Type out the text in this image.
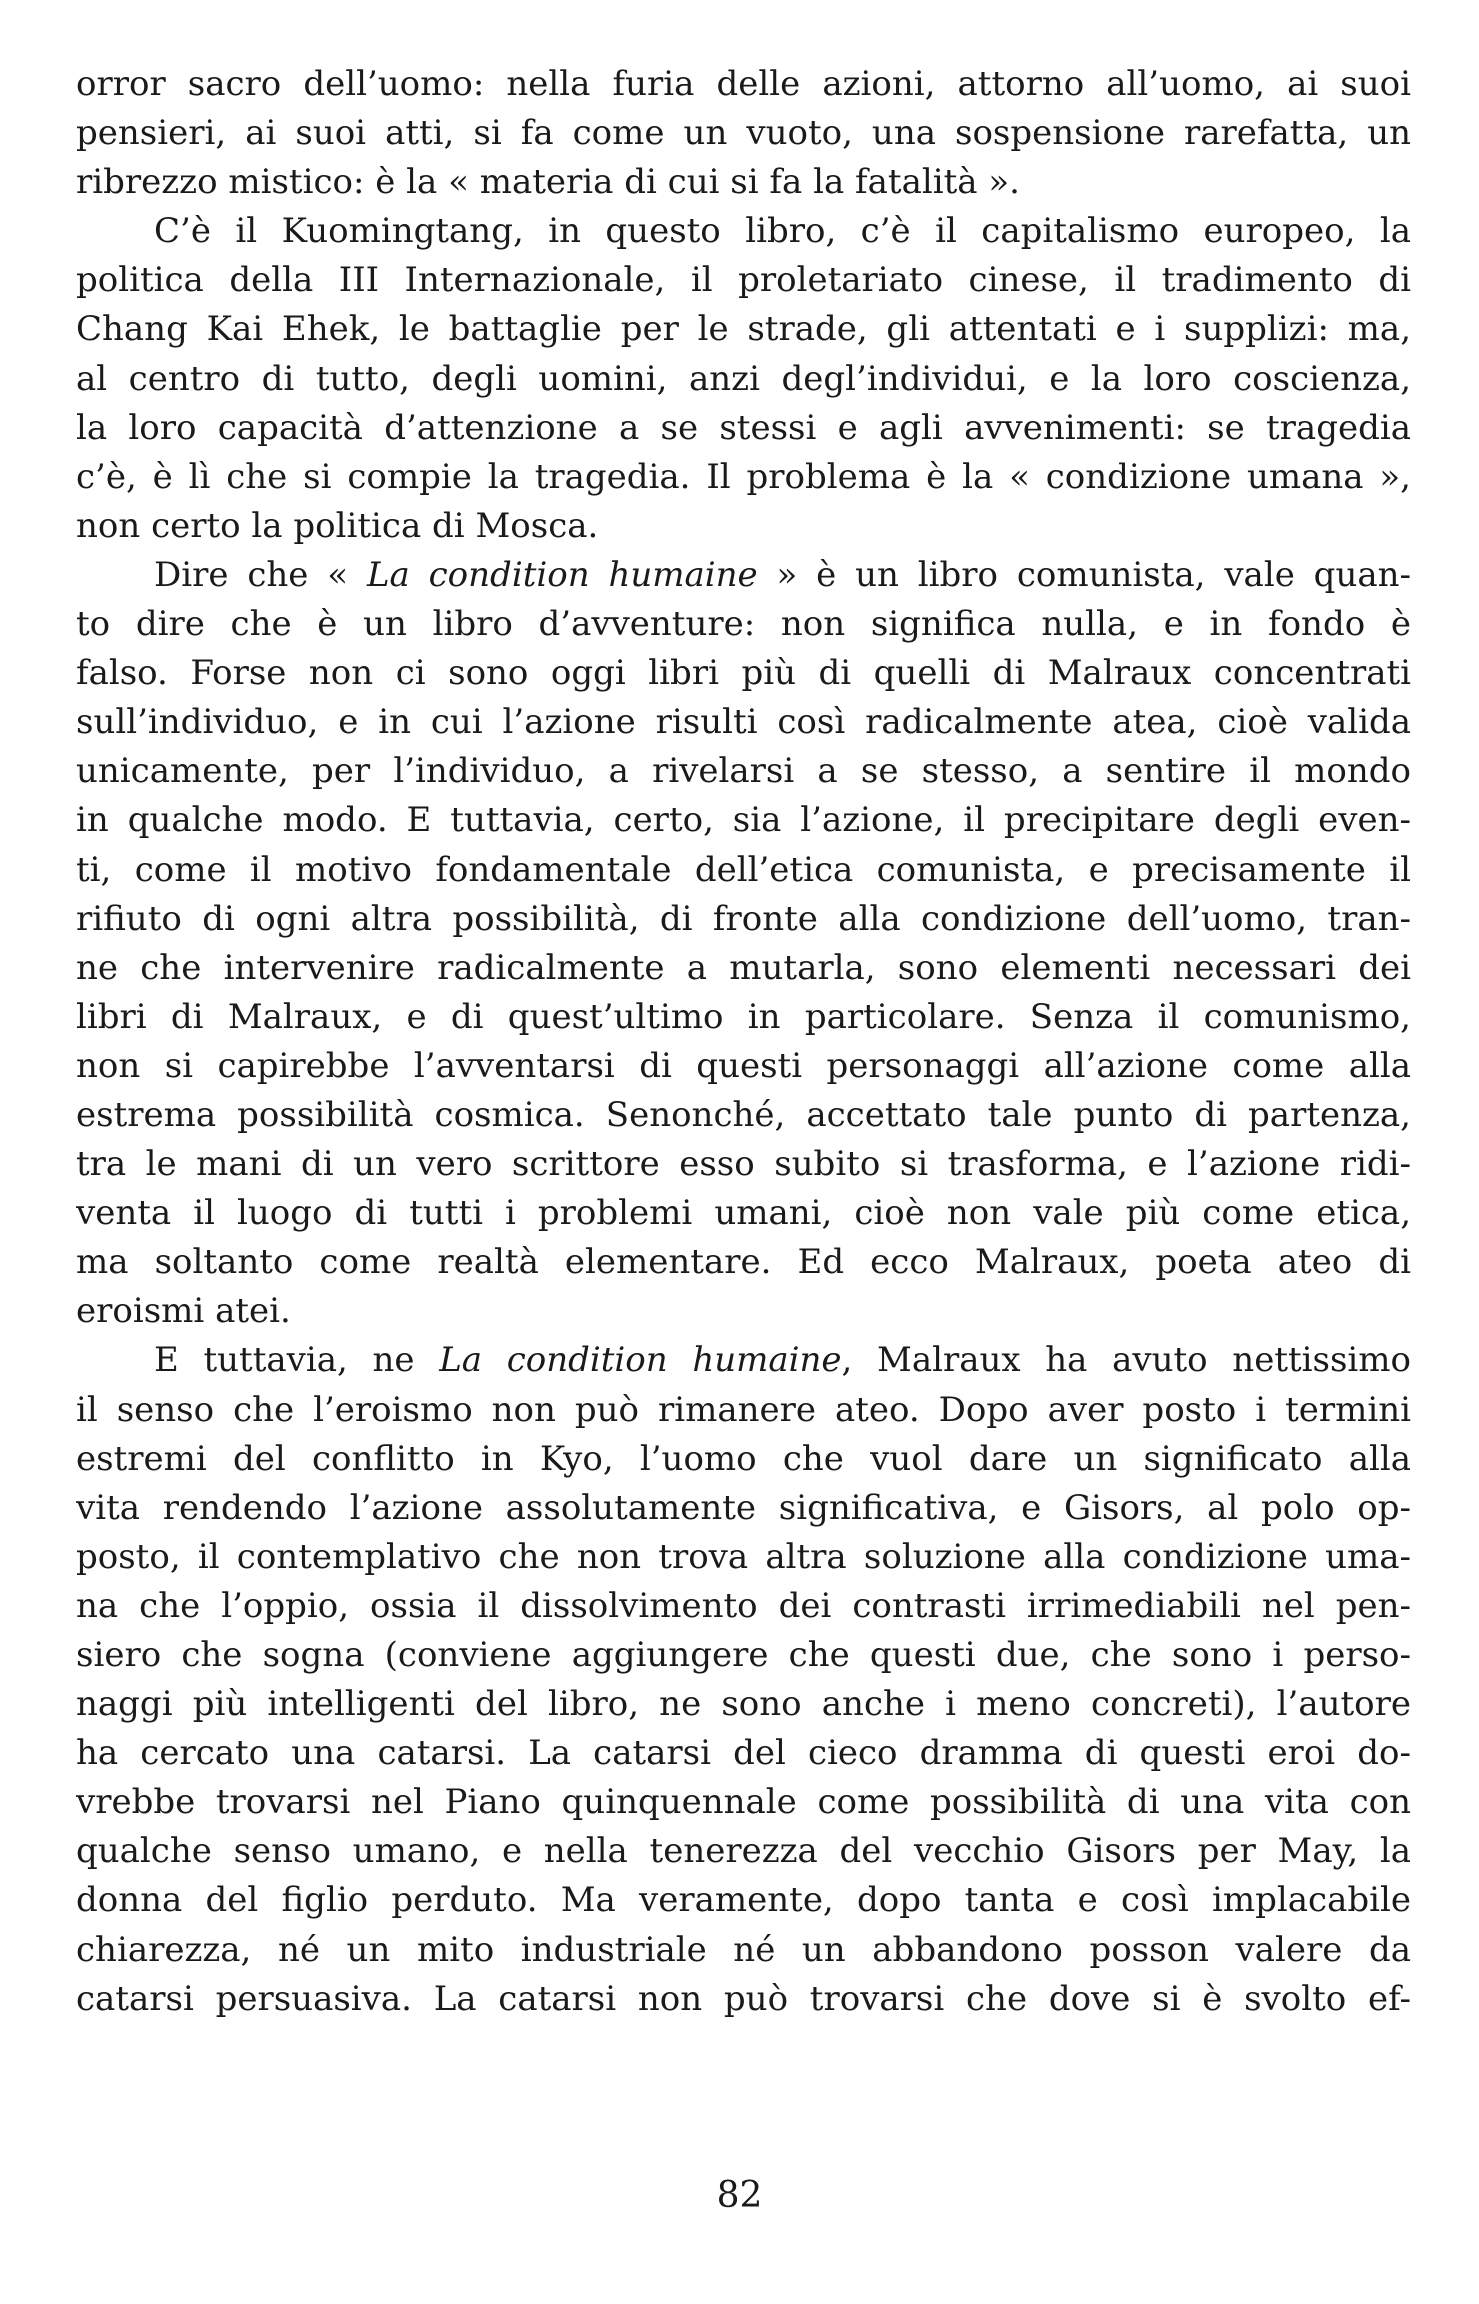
orror sacro dell’uomo: nella furia delle azioni, attorno all’uomo, ai suoi
pensieri, ai suoi atti, si fa come un vuoto, una sospensione rarefatta, un
ribrezzo mistico: è la « materia di cui si fa la fatalità ».
C’è il Kuomingtang, in questo libro, c’è il capitalismo europeo, la
politica della III Internazionale, il proletariato cinese, il tradimento di
Chang Kai Ehek, le battaglie per le strade, gli attentati e i supplizi: ma,
al centro di tutto, degli uomini, anzi degl’individui, e la loro coscienza,
la loro capacità d’attenzione a se stessi e agli avvenimenti: se tragedia
c’è, è lì che si compie la tragedia. Il problema è la « condizione umana »,
non certo la politica di Mosca.
Dire che « La condition humaine » è un libro comunista, vale quan-
to dire che è un libro d’avventure: non significa nulla, e in fondo è
falso. Forse non ci sono oggi libri più di quelli di Malraux concentrati
sull’individuo, e in cui l’azione risulti così radicalmente atea, cioè valida
unicamente, per l’individuo, a rivelarsi a se stesso, a sentire il mondo
in qualche modo. E tuttavia, certo, sia l’azione, il precipitare degli even-
ti, come il motivo fondamentale dell’etica comunista, e precisamente il
rifiuto di ogni altra possibilità, di fronte alla condizione dell’uomo, tran-
ne che intervenire radicalmente a mutarla, sono elementi necessari dei
libri di Malraux, e di quest’ultimo in particolare. Senza il comunismo,
non si capirebbe l’avventarsi di questi personaggi all’azione come alla
estrema possibilità cosmica. Senonché, accettato tale punto di partenza,
tra le mani di un vero scrittore esso subito si trasforma, e l’azione ridi-
venta il luogo di tutti i problemi umani, cioè non vale più come etica,
ma soltanto come realtà elementare. Ed ecco Malraux, poeta ateo di
eroismi atei.
E tuttavia, ne La condition humaine, Malraux ha avuto nettissimo
il senso che l’eroismo non può rimanere ateo. Dopo aver posto i termini
estremi del conflitto in Kyo, l’uomo che vuol dare un significato alla
vita rendendo l’azione assolutamente significativa, e Gisors, al polo op-
posto, il contemplativo che non trova altra soluzione alla condizione uma-
na che l’oppio, ossia il dissolvimento dei contrasti irrimediabili nel pen-
siero che sogna (conviene aggiungere che questi due, che sono i perso-
naggi più intelligenti del libro, ne sono anche i meno concreti), l’autore
ha cercato una catarsi. La catarsi del cieco dramma di questi eroi do-
vrebbe trovarsi nel Piano quinquennale come possibilità di una vita con
qualche senso umano, e nella tenerezza del vecchio Gisors per May, la
donna del figlio perduto. Ma veramente, dopo tanta e così implacabile
chiarezza, né un mito industriale né un abbandono posson valere da
catarsi persuasiva. La catarsi non può trovarsi che dove si è svolto ef-
82
